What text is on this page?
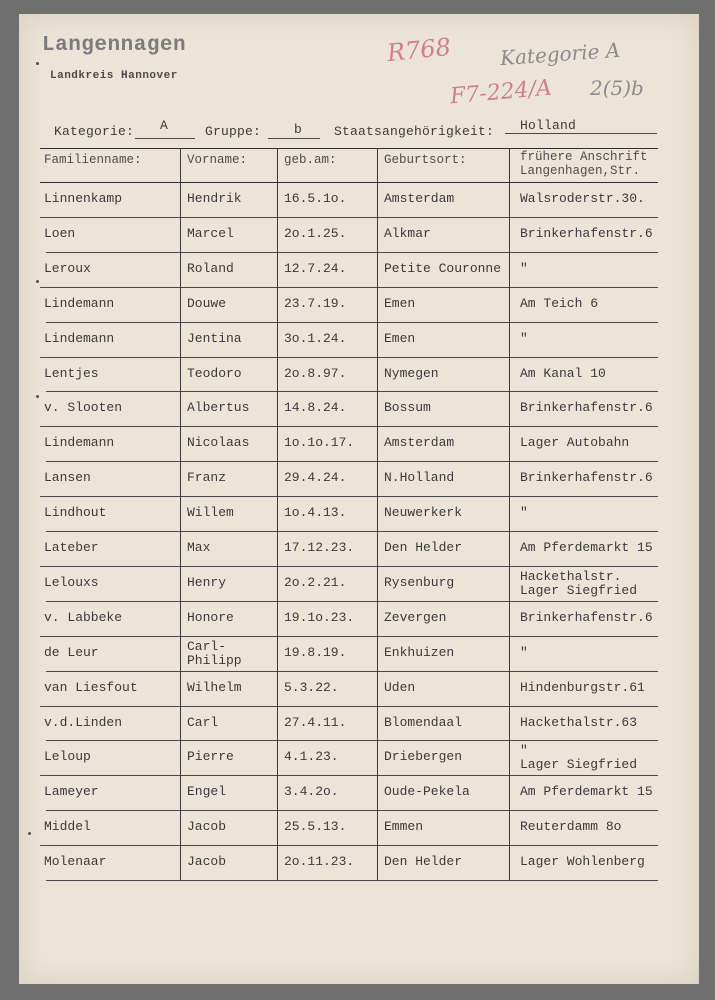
Langennagen
Landkreis Hannover
R768 Kategorie A
2(5)b
F7-224/A
Kategorie: A	Gruppe:	b Staatsangehörigkeit: Holland
Familienname:	Vorname:	geb.am:	Geburtsort:	frühere Anschrift
Langenhagen,Str.
Linnenkamp	Hendrik	16.5.1o.	Amsterdam	Walsroderstr.30.
Loen	Marcel	2o.1.25.	Alkmar	Brinkerhafenstr.6
Leroux	Roland	12.7.24.	Petite Couronne "
Lindemann	Douwe	23.7.19.	Emen	Am Teich 6
Lindemann	Jentina	3o.1.24.	Emen	"
Lentjes	Teodoro	2o.8.97.	Nymegen	Am Kanal 10
v. Slooten	Albertus	14.8.24.	Bossum	Brinkerhafenstr.6
Lindemann	Nicolaas	1o.1o.17. Amsterdam	Lager Autobahn
Lansen	Franz	29.4.24.	N.Holland	Brinkerhafenstr.6
Lindhout	Willem	1o.4.13.	Neuwerkerk	"
Lateber	Max	17.12.23. Den Helder	Am Pferdemarkt 15
Lelouxs	Henry	2o.2.21.	Rysenburg	Hackethalstr.
Lager Siegfried
v. Labbeke	Honore	19.1o.23. Zevergen	Brinkerhafenstr.6
de Leur	Carl-
Philipp
19.8.19.	Enkhuizen	"
van Liesfout	Wilhelm	5.3.22.	Uden	Hindenburgstr.61
v.d.Linden	Carl	27.4.11.	Blomendaal	Hackethalstr.63
Leloup	Pierre	4.1.23.	Driebergen	"
Lager Siegfried
Lameyer	Engel	3.4.2o.	Oude-Pekela	Am Pferdemarkt 15
Middel	Jacob	25.5.13.	Emmen	Reuterdamm 8o
Molenaar	Jacob	2o.11.23. Den Helder	Lager Wohlenberg
